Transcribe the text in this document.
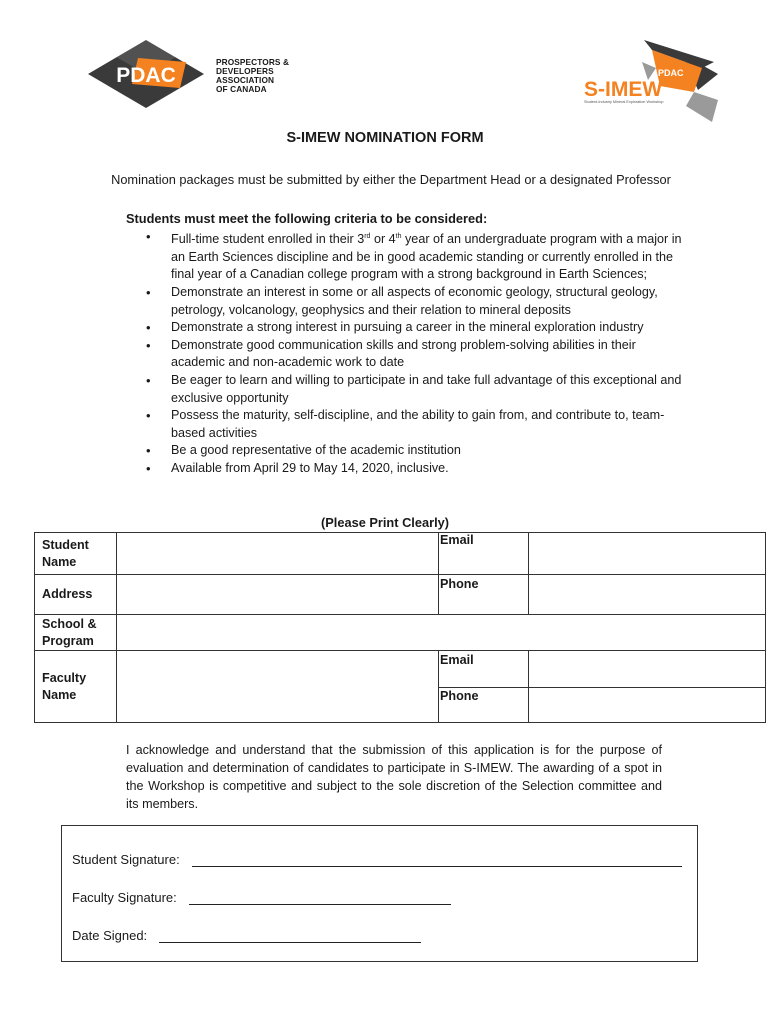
PDAC
PROSPECTORS &
DEVELOPERS
ASSOCIATION
OF CANADA
PDAC
S-IMEW
Student-Industry Mineral Exploration Workshop
S-IMEW NOMINATION FORM
Nomination packages must be submitted by either the Department Head or a designated Professor
Students must meet the following criteria to be considered:
• Full-time student enrolled in their 3rd or 4th year of an undergraduate program with a major in an Earth Sciences discipline and be in good academic standing or currently enrolled in the final year of a Canadian college program with a strong background in Earth Sciences;
• Demonstrate an interest in some or all aspects of economic geology, structural geology, petrology, volcanology, geophysics and their relation to mineral deposits
• Demonstrate a strong interest in pursuing a career in the mineral exploration industry
• Demonstrate good communication skills and strong problem-solving abilities in their academic and non-academic work to date
• Be eager to learn and willing to participate in and take full advantage of this exceptional and exclusive opportunity
• Possess the maturity, self-discipline, and the ability to gain from, and contribute to, team-based activities
• Be a good representative of the academic institution
• Available from April 29 to May 14, 2020, inclusive.
(Please Print Clearly)
Student Name
Address
School & Program
Faculty Name
Email
Phone
Email
Phone
I acknowledge and understand that the submission of this application is for the purpose of evaluation and determination of candidates to participate in S-IMEW. The awarding of a spot in the Workshop is competitive and subject to the sole discretion of the Selection committee and its members.
Student Signature:
Faculty Signature:
Date Signed:
